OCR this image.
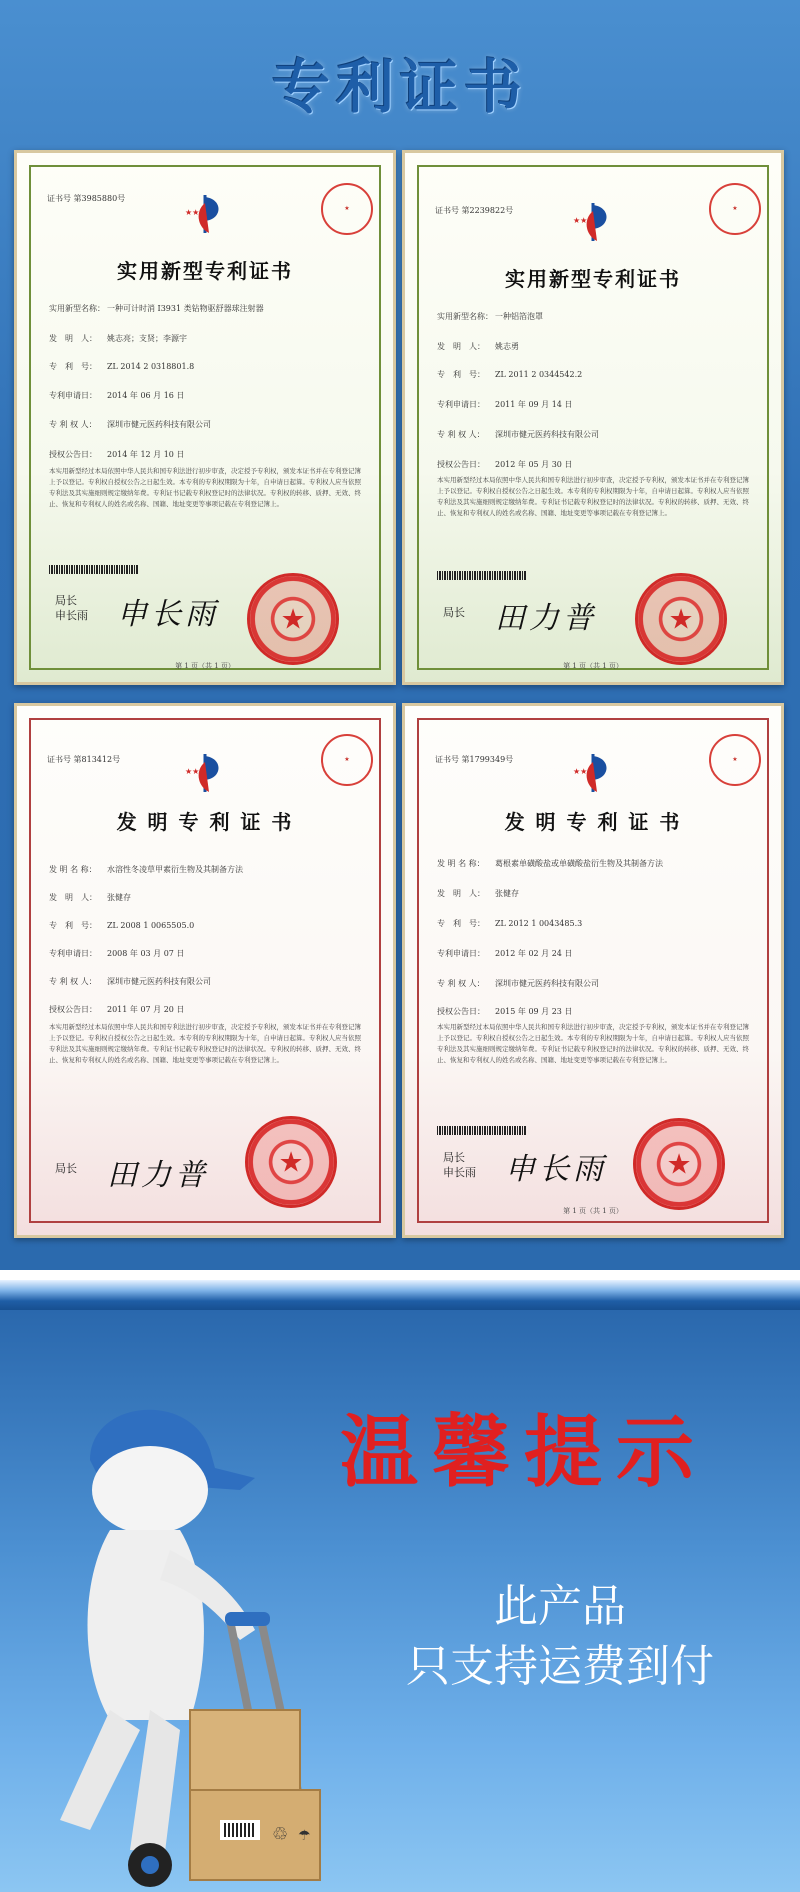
专利证书
证书号 第3985880号
★★	★
实用新型专利证书
实用新型名称： 一种可计时消 I3931 类钻物驱舒器球注射器
发　明　人： 姚志亮；支贤；李源宇
专　利　号： ZL 2014 2 0318801.8
专利申请日： 2014 年 06 月 16 日
专 利 权 人： 深圳市健元医药科技有限公司
授权公告日： 2014 年 12 月 10 日
本实用新型经过本局依照中华人民共和国专利法进行初步审查，决定授予专利权，颁发本证书并在专利登记簿上予以登记。专利权自授权公告之日起生效。本专利的专利权期限为十年，自申请日起算。专利权人应当依照专利法及其实施细则规定缴纳年费。专利证书记载专利权登记时的法律状况。专利权的转移、质押、无效、终止、恢复和专利权人的姓名或名称、国籍、地址变更等事项记载在专利登记簿上。
局长
申长雨 申长雨 ★
第 1 页（共 1 页）
证书号 第2239822号
★★
★
实用新型专利证书
实用新型名称： 一种铝箔泡罩
发　明　人： 姚志勇
专　利　号： ZL 2011 2 0344542.2
专利申请日： 2011 年 09 月 14 日
专 利 权 人： 深圳市健元医药科技有限公司
授权公告日： 2012 年 05 月 30 日
本实用新型经过本局依照中华人民共和国专利法进行初步审查，决定授予专利权，颁发本证书并在专利登记簿上予以登记。专利权自授权公告之日起生效。本专利的专利权期限为十年，自申请日起算。专利权人应当依照专利法及其实施细则规定缴纳年费。专利证书记载专利权登记时的法律状况。专利权的转移、质押、无效、终止、恢复和专利权人的姓名或名称、国籍、地址变更等事项记载在专利登记簿上。
局长 田力普	★
第 1 页（共 1 页）
证书号 第813412号
★★
★
发 明 专 利 证 书
发 明 名 称： 水溶性冬凌草甲素衍生物及其制备方法
发　明　人： 张健存
专　利　号： ZL 2008 1 0065505.0
专利申请日： 2008 年 03 月 07 日
专 利 权 人： 深圳市健元医药科技有限公司
授权公告日： 2011 年 07 月 20 日
本实用新型经过本局依照中华人民共和国专利法进行初步审查，决定授予专利权，颁发本证书并在专利登记簿上予以登记。专利权自授权公告之日起生效。本专利的专利权期限为十年，自申请日起算。专利权人应当依照专利法及其实施细则规定缴纳年费。专利证书记载专利权登记时的法律状况。专利权的转移、质押、无效、终止、恢复和专利权人的姓名或名称、国籍、地址变更等事项记载在专利登记簿上。
局长 田力普 ★
证书号 第1799349号
★★
★
发 明 专 利 证 书
发 明 名 称： 葛根素单磺酸盐或单磺酸盐衍生物及其制备方法
发　明　人： 张健存
专　利　号： ZL 2012 1 0043485.3
专利申请日： 2012 年 02 月 24 日
专 利 权 人： 深圳市健元医药科技有限公司
授权公告日： 2015 年 09 月 23 日
本实用新型经过本局依照中华人民共和国专利法进行初步审查，决定授予专利权，颁发本证书并在专利登记簿上予以登记。专利权自授权公告之日起生效。本专利的专利权期限为十年，自申请日起算。专利权人应当依照专利法及其实施细则规定缴纳年费。专利证书记载专利权登记时的法律状况。专利权的转移、质押、无效、终止、恢复和专利权人的姓名或名称、国籍、地址变更等事项记载在专利登记簿上。
局长
申长雨 申长雨 ★
第 1 页（共 1 页）
♲ ☂
温馨提示
此产品
只支持运费到付
